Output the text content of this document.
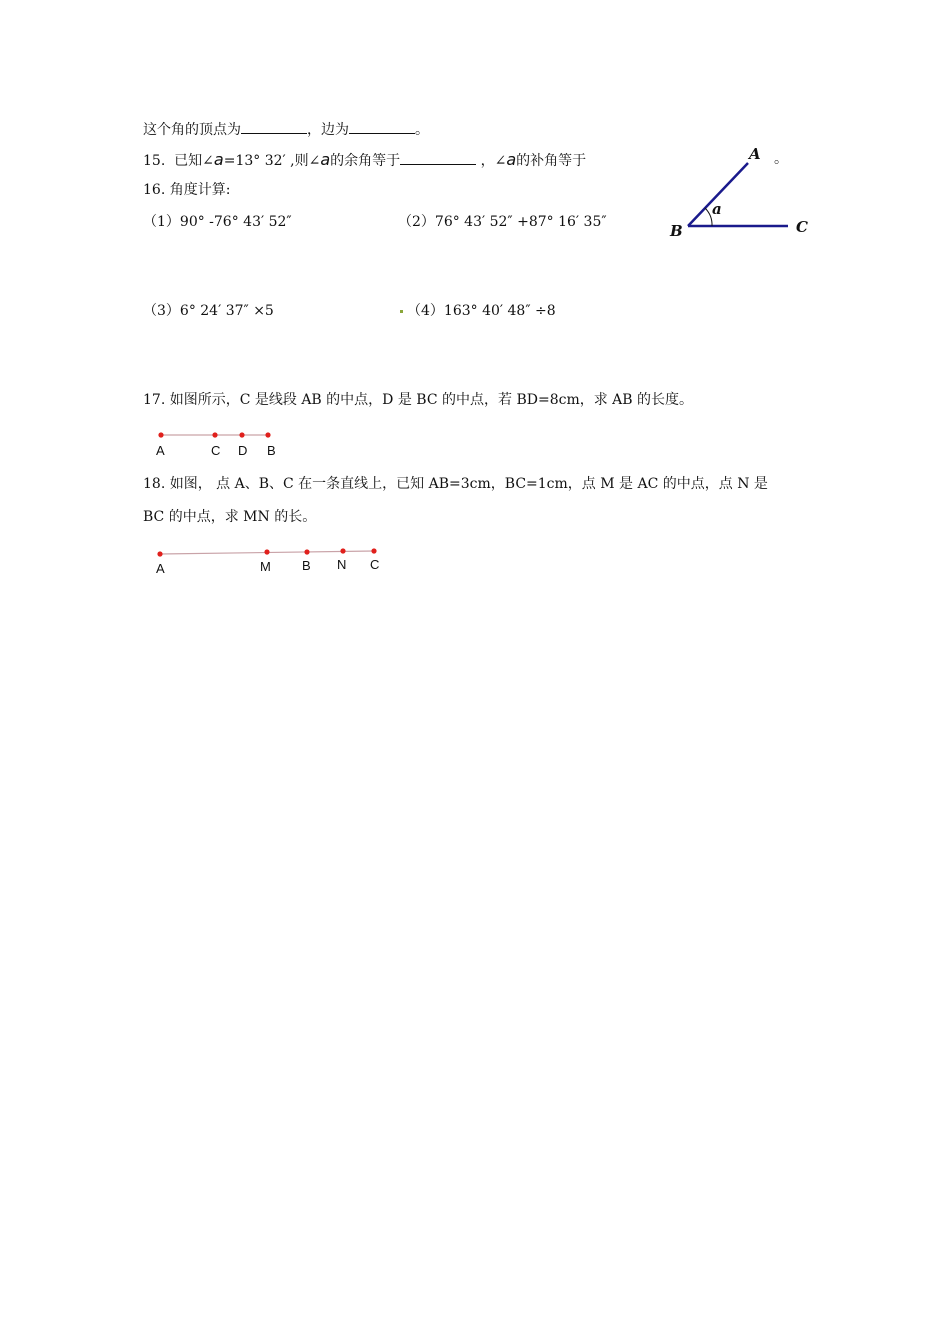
这个角的顶点为	，边为	。
15. 已知∠a=13° 32′ ,则∠a的余角等于	，∠a的补角等于	。
A
B	C
a
16. 角度计算:
（1）90° -76° 43′ 52″	（2）76° 43′ 52″ +87° 16′ 35″
（3）6° 24′ 37″ ×5	（4）163° 40′ 48″ ÷8
17. 如图所示，C 是线段 AB 的中点，D 是 BC 的中点，若 BD=8cm，求 AB 的长度。
A	C D B
18. 如图， 点 A、B、C 在一条直线上，已知 AB=3cm，BC=1cm，点 M 是 AC 的中点，点 N 是
BC 的中点，求 MN 的长。
A	M B N C
